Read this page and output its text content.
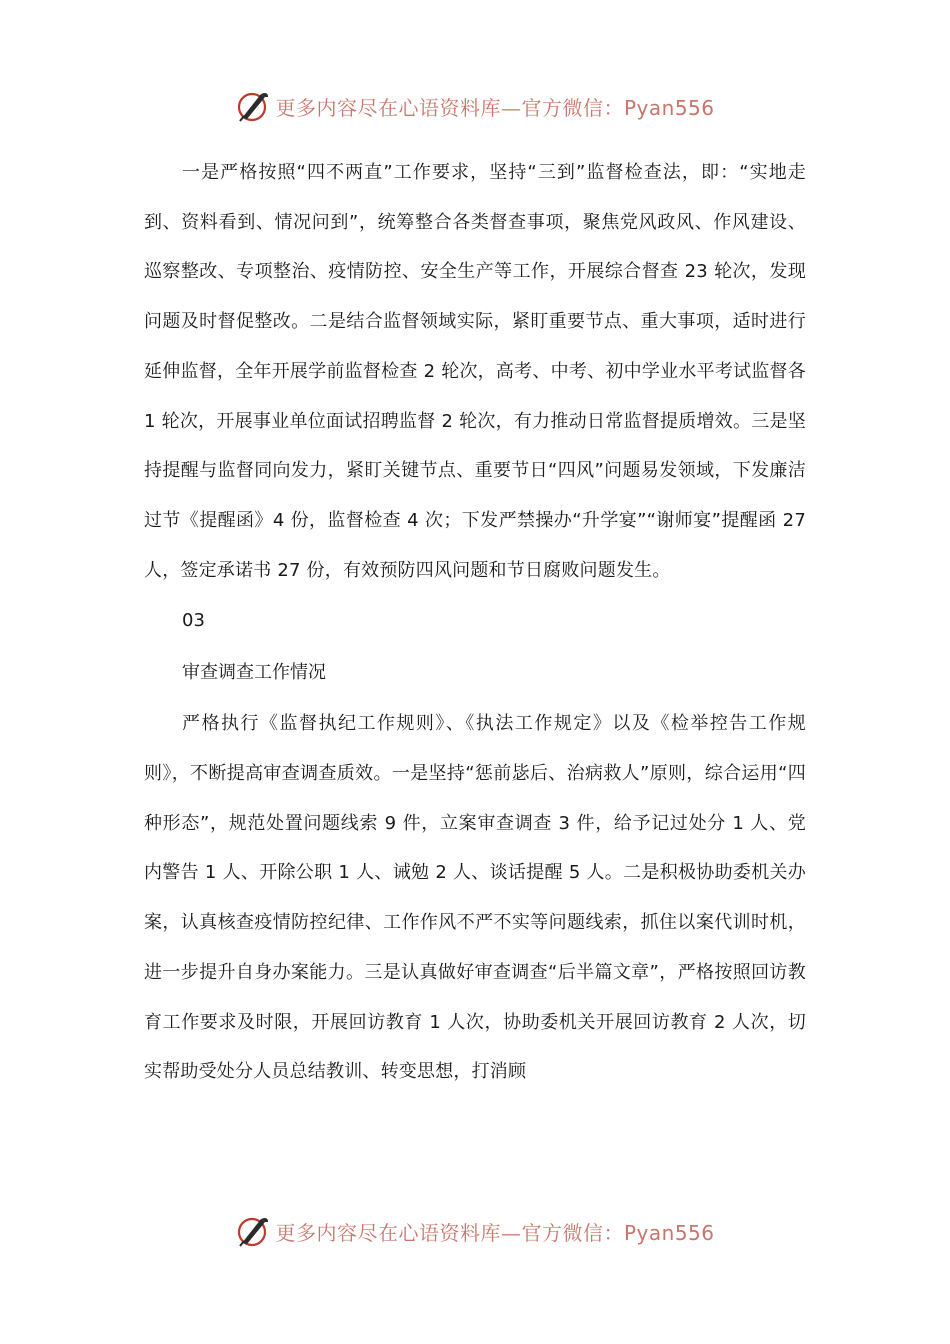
更多内容尽在心语资料库—官方微信：Pyan556

一是严格按照“四不两直”工作要求，坚持“三到”监督检查法，即：“实地走到、资料看到、情况问到”，统筹整合各类督查事项，聚焦党风政风、作风建设、巡察整改、专项整治、疫情防控、安全生产等工作，开展综合督查 23 轮次，发现问题及时督促整改。二是结合监督领域实际，紧盯重要节点、重大事项，适时进行延伸监督，全年开展学前监督检查 2 轮次，高考、中考、初中学业水平考试监督各 1 轮次，开展事业单位面试招聘监督 2 轮次，有力推动日常监督提质增效。三是坚持提醒与监督同向发力，紧盯关键节点、重要节日“四风”问题易发领域，下发廉洁过节《提醒函》4 份，监督检查 4 次；下发严禁操办“升学宴”“谢师宴”提醒函 27 人，签定承诺书 27 份，有效预防四风问题和节日腐败问题发生。

03

审查调查工作情况

严格执行《监督执纪工作规则》、《执法工作规定》以及《检举控告工作规则》，不断提高审查调查质效。一是坚持“惩前毖后、治病救人”原则，综合运用“四种形态”，规范处置问题线索 9 件，立案审查调查 3 件，给予记过处分 1 人、党内警告 1 人、开除公职 1 人、诫勉 2 人、谈话提醒 5 人。二是积极协助委机关办案，认真核查疫情防控纪律、工作作风不严不实等问题线索，抓住以案代训时机，进一步提升自身办案能力。三是认真做好审查调查“后半篇文章”，严格按照回访教育工作要求及时限，开展回访教育 1 人次，协助委机关开展回访教育 2 人次，切实帮助受处分人员总结教训、转变思想，打消顾

更多内容尽在心语资料库—官方微信：Pyan556
